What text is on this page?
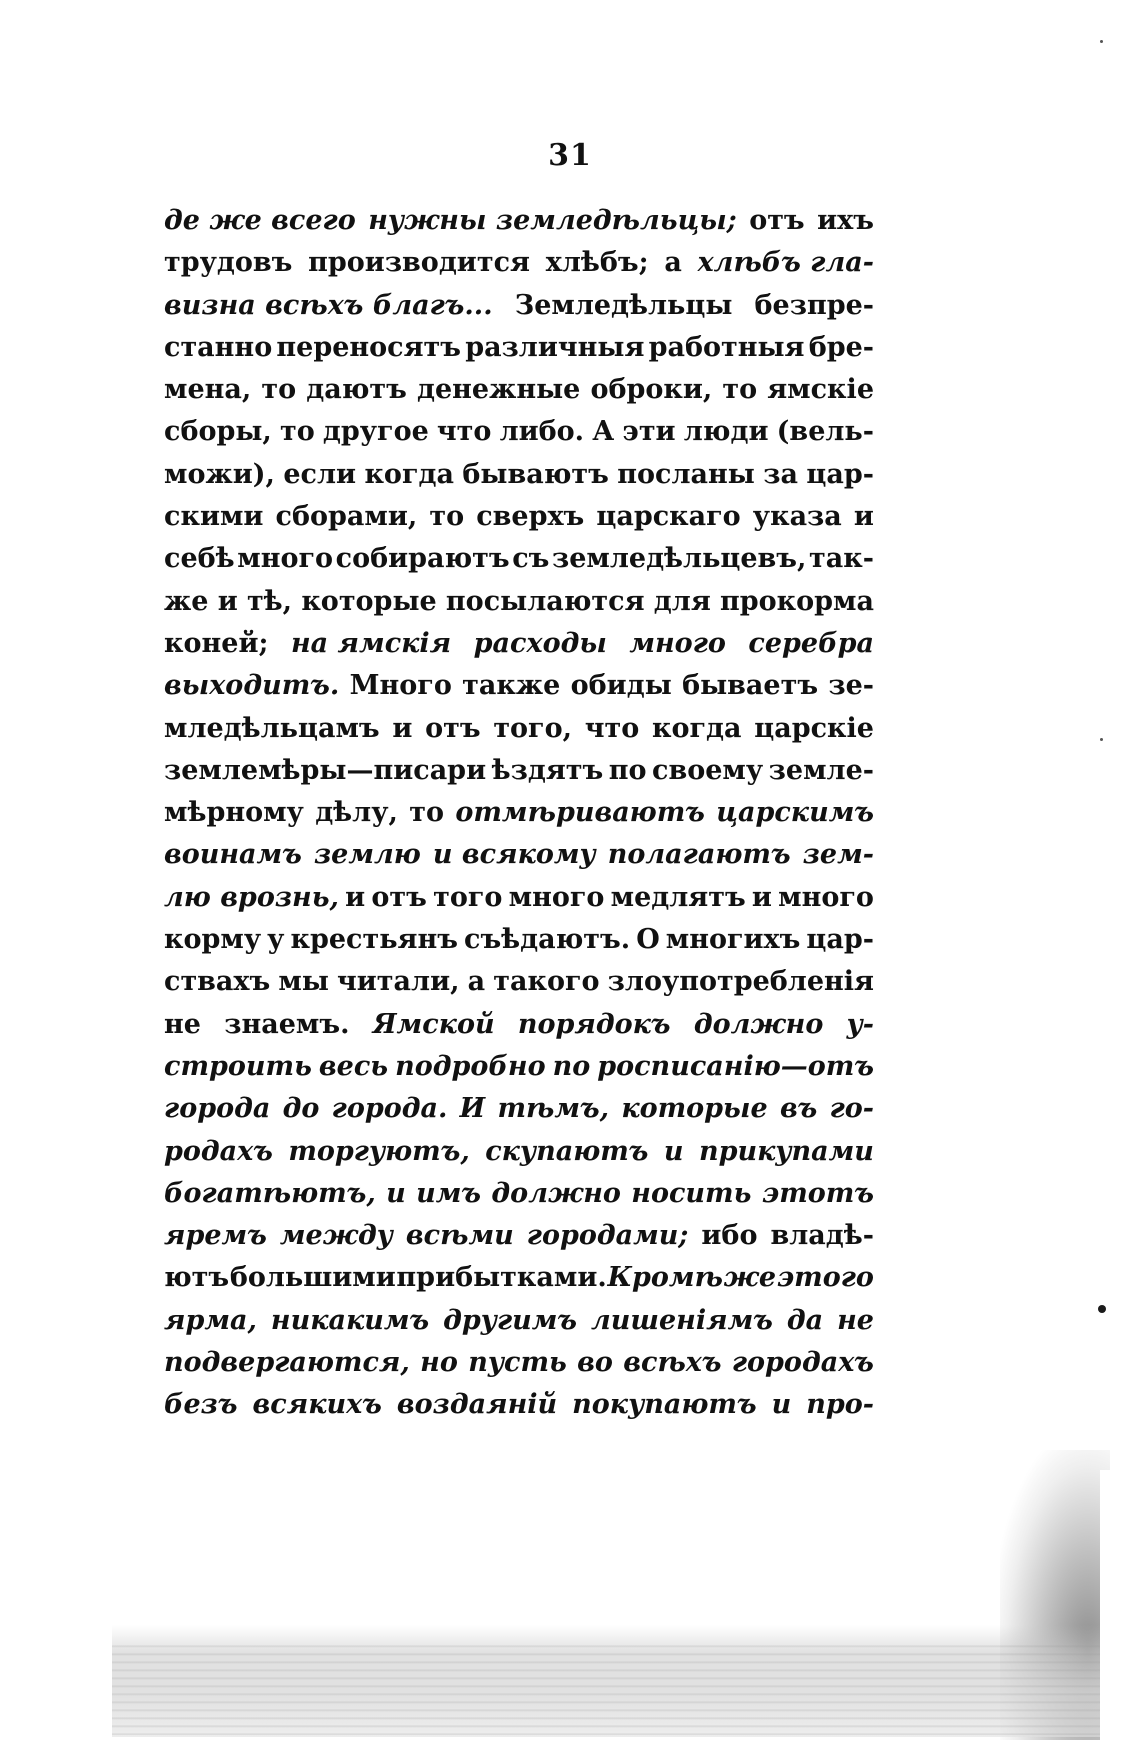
31
де же всего нужны земледѣльцы; отъ ихъ
трудовъ производится хлѣбъ; а хлѣбъ гла-
визна вcѣхъ благъ... Земледѣльцы безпре-
станно переносятъ различныя работныя бре-
мена, то даютъ денежные оброки, то ямскіе
сборы, то другое что либо. А эти люди (вель-
можи), если когда бываютъ посланы за цар-
скими сборами, то сверхъ царскаго указа и
себѣ много собираютъ съ земледѣльцевъ, так-
же и тѣ, которые посылаются для прокорма
коней; на ямскія расходы много серебра
выходитъ. Много также обиды бываетъ зе-
мледѣльцамъ и отъ того, что когда царскіе
землемѣры—писари ѣздятъ по своему земле-
мѣрному дѣлу, то отмѣриваютъ царскимъ
воинамъ землю и всякому полагаютъ зем-
лю врознь, и отъ того много медлятъ и много
корму у крестьянъ съѣдаютъ. О многихъ цар-
ствахъ мы читали, а такого злоупотребленія
не знаемъ. Ямской порядокъ должно у-
строить весь подробно по росписанію—отъ
города до города. И тѣмъ, которые въ го-
родахъ торгуютъ, скупаютъ и прикупами
богатѣютъ, и имъ должно носить этотъ
яремъ между всѣми городами; ибо владѣ-
ютъ большими прибытками. Кромѣ же этого
ярма, никакимъ другимъ лишеніямъ да не
подвергаются, но пусть во всѣхъ городахъ
безъ всякихъ воздаяній покупаютъ и про-
